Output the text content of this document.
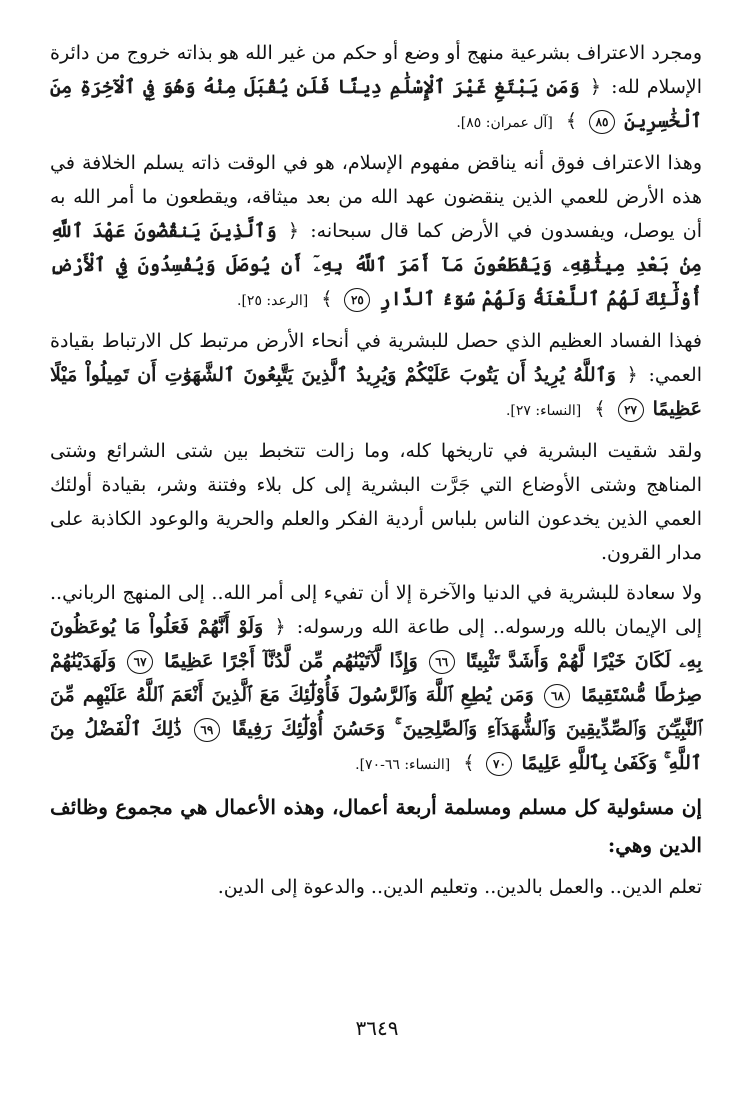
ومجرد الاعتراف بشرعية منهج أو وضع أو حكم من غير الله هو بذاته خروج من دائرة الإسلام لله: ﴿ وَمَن يَبْتَغِ غَيْرَ ٱلْإِسْلَٰمِ دِينًا فَلَن يُقْبَلَ مِنْهُ وَهُوَ فِي ٱلْآخِرَةِ مِنَ ٱلْخَٰسِرِينَ ٨٥ ﴾ [آل عمران: ٨٥].

وهذا الاعتراف فوق أنه يناقض مفهوم الإسلام، هو في الوقت ذاته يسلم الخلافة في هذه الأرض للعمي الذين ينقضون عهد الله من بعد ميثاقه، ويقطعون ما أمر الله به أن يوصل، ويفسدون في الأرض كما قال سبحانه: ﴿ وَٱلَّذِينَ يَنقُضُونَ عَهْدَ ٱللَّهِ مِنۢ بَعْدِ مِيثَٰقِهِۦ وَيَقْطَعُونَ مَآ أَمَرَ ٱللَّهُ بِهِۦٓ أَن يُوصَلَ وَيُفْسِدُونَ فِي ٱلْأَرْضِ أُوْلَٰٓئِكَ لَهُمُ ٱللَّعْنَةُ وَلَهُمْ سُوٓءُ ٱلدَّارِ ٢٥ ﴾ [الرعد: ٢٥].

فهذا الفساد العظيم الذي حصل للبشرية في أنحاء الأرض مرتبط كل الارتباط بقيادة العمي: ﴿ وَٱللَّهُ يُرِيدُ أَن يَتُوبَ عَلَيْكُمْ وَيُرِيدُ ٱلَّذِينَ يَتَّبِعُونَ ٱلشَّهَوَٰتِ أَن تَمِيلُواْ مَيْلًا عَظِيمًا ٢٧ ﴾ [النساء: ٢٧].

ولقد شقيت البشرية في تاريخها كله، وما زالت تتخبط بين شتى الشرائع وشتى المناهج وشتى الأوضاع التي جَرَّت البشرية إلى كل بلاء وفتنة وشر، بقيادة أولئك العمي الذين يخدعون الناس بلباس أردية الفكر والعلم والحرية والوعود الكاذبة على مدار القرون.

ولا سعادة للبشرية في الدنيا والآخرة إلا أن تفيء إلى أمر الله.. إلى المنهج الرباني.. إلى الإيمان بالله ورسوله.. إلى طاعة الله ورسوله: ﴿ وَلَوْ أَنَّهُمْ فَعَلُواْ مَا يُوعَظُونَ بِهِۦ لَكَانَ خَيْرًا لَّهُمْ وَأَشَدَّ تَثْبِيتًا ٦٦ وَإِذًا لَّآتَيْنَٰهُم مِّن لَّدُنَّآ أَجْرًا عَظِيمًا ٦٧ وَلَهَدَيْنَٰهُمْ صِرَٰطًا مُّسْتَقِيمًا ٦٨ وَمَن يُطِعِ ٱللَّهَ وَٱلرَّسُولَ فَأُوْلَٰٓئِكَ مَعَ ٱلَّذِينَ أَنْعَمَ ٱللَّهُ عَلَيْهِم مِّنَ ٱلنَّبِيِّـۧنَ وَٱلصِّدِّيقِينَ وَٱلشُّهَدَآءِ وَٱلصَّٰلِحِينَ ۚ وَحَسُنَ أُوْلَٰٓئِكَ رَفِيقًا ٦٩ ذَٰلِكَ ٱلْفَضْلُ مِنَ ٱللَّهِ ۚ وَكَفَىٰ بِٱللَّهِ عَلِيمًا ٧٠ ﴾ [النساء: ٦٦-٧٠].

إن مسئولية كل مسلم ومسلمة أربعة أعمال، وهذه الأعمال هي مجموع وظائف الدين وهي:

تعلم الدين.. والعمل بالدين.. وتعليم الدين.. والدعوة إلى الدين.

٣٦٤٩
